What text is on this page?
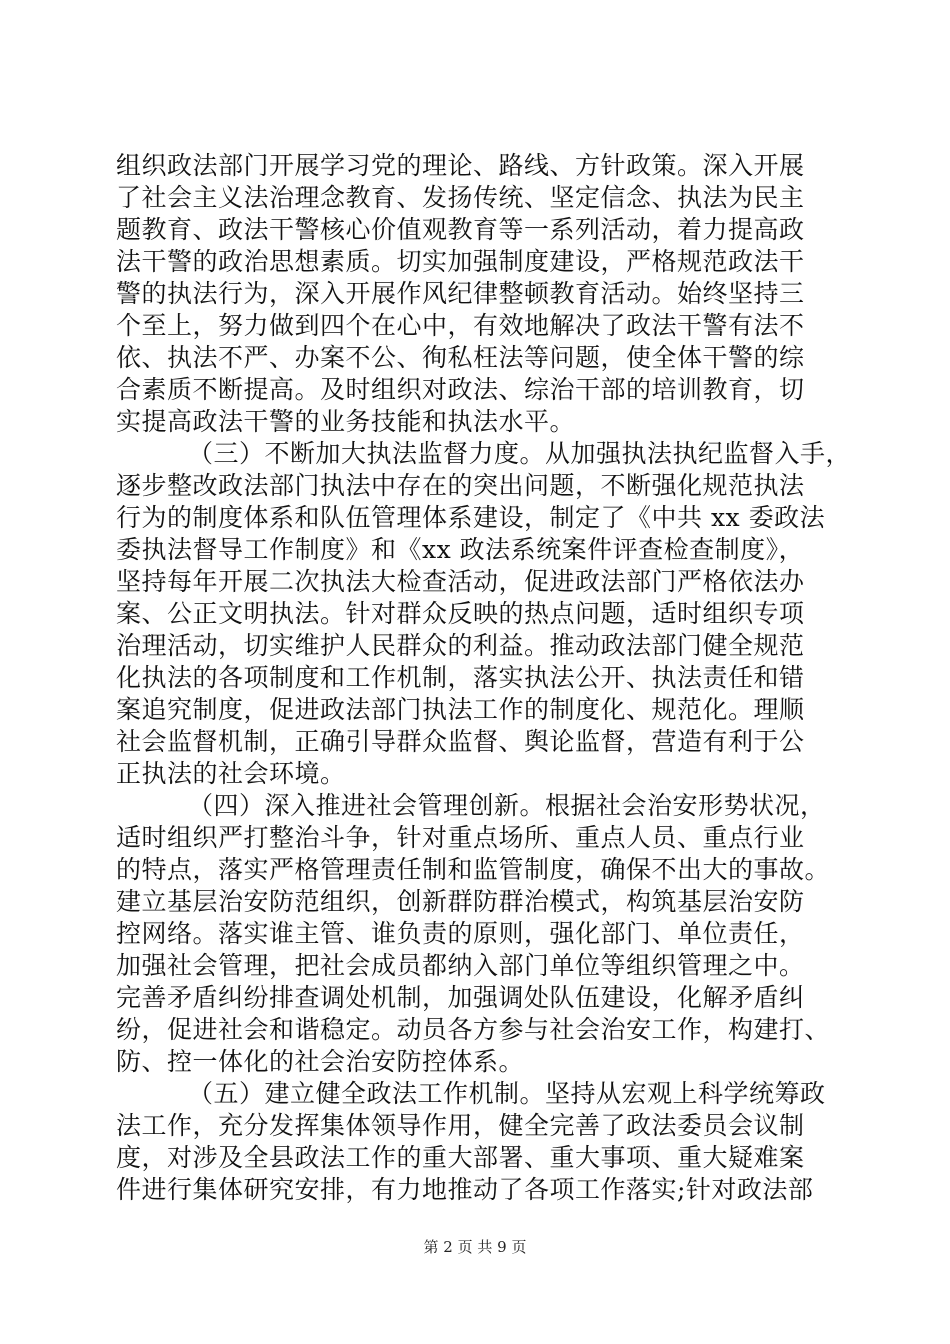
组织政法部门开展学习党的理论、路线、方针政策。深入开展
了社会主义法治理念教育、发扬传统、坚定信念、执法为民主
题教育、政法干警核心价值观教育等一系列活动，着力提高政
法干警的政治思想素质。切实加强制度建设，严格规范政法干
警的执法行为，深入开展作风纪律整顿教育活动。始终坚持三
个至上，努力做到四个在心中，有效地解决了政法干警有法不
依、执法不严、办案不公、徇私枉法等问题，使全体干警的综
合素质不断提高。及时组织对政法、综治干部的培训教育，切
实提高政法干警的业务技能和执法水平。
（三）不断加大执法监督力度。从加强执法执纪监督入手，
逐步整改政法部门执法中存在的突出问题，不断强化规范执法
行为的制度体系和队伍管理体系建设，制定了《中共 xx 委政法
委执法督导工作制度》和《xx 政法系统案件评查检查制度》，
坚持每年开展二次执法大检查活动，促进政法部门严格依法办
案、公正文明执法。针对群众反映的热点问题，适时组织专项
治理活动，切实维护人民群众的利益。推动政法部门健全规范
化执法的各项制度和工作机制，落实执法公开、执法责任和错
案追究制度，促进政法部门执法工作的制度化、规范化。理顺
社会监督机制，正确引导群众监督、舆论监督，营造有利于公
正执法的社会环境。
（四）深入推进社会管理创新。根据社会治安形势状况，
适时组织严打整治斗争，针对重点场所、重点人员、重点行业
的特点，落实严格管理责任制和监管制度，确保不出大的事故。
建立基层治安防范组织，创新群防群治模式，构筑基层治安防
控网络。落实谁主管、谁负责的原则，强化部门、单位责任，
加强社会管理，把社会成员都纳入部门单位等组织管理之中。
完善矛盾纠纷排查调处机制，加强调处队伍建设，化解矛盾纠
纷，促进社会和谐稳定。动员各方参与社会治安工作，构建打、
防、控一体化的社会治安防控体系。
（五）建立健全政法工作机制。坚持从宏观上科学统筹政
法工作，充分发挥集体领导作用，健全完善了政法委员会议制
度，对涉及全县政法工作的重大部署、重大事项、重大疑难案
件进行集体研究安排，有力地推动了各项工作落实;针对政法部
第 2 页 共 9 页
